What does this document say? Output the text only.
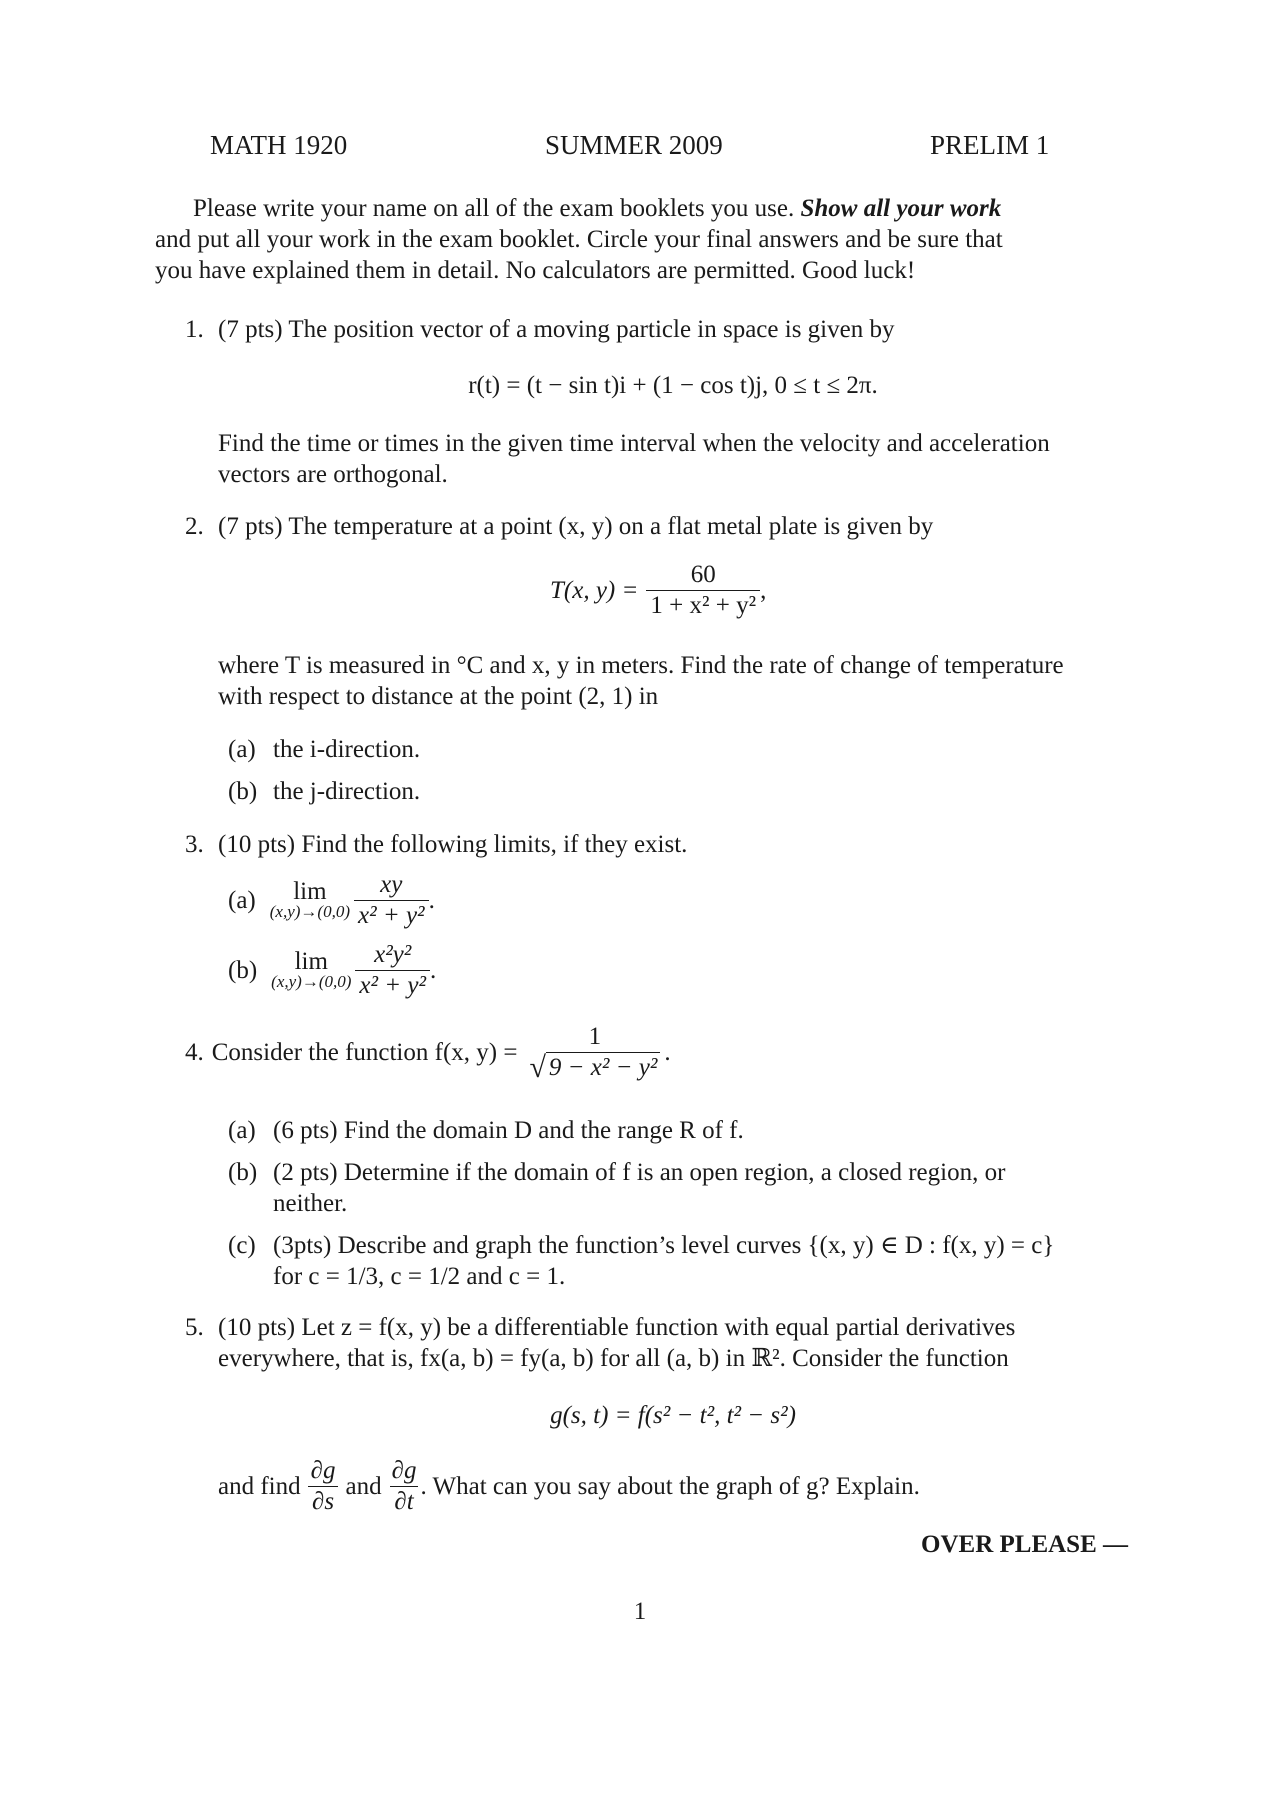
MATH 1920	SUMMER 2009	PRELIM 1
Please write your name on all of the exam booklets you use. Show all your work
and put all your work in the exam booklet. Circle your final answers and be sure that
you have explained them in detail. No calculators are permitted. Good luck!
1. (7 pts) The position vector of a moving particle in space is given by
r(t) = (t − sin t)i + (1 − cos t)j, 0 ≤ t ≤ 2π.
Find the time or times in the given time interval when the velocity and acceleration
vectors are orthogonal.
2. (7 pts) The temperature at a point (x, y) on a flat metal plate is given by
T(x, $y) = \frac{60}{\text{1 + x² + y²}}$ ,
where T is measured in °C and x, y in meters. Find the rate of change of temperature
with respect to distance at the point (2, 1) in
(a) the i-direction.
(b) the j-direction.
3. (10 pts) Find the following limits, if they exist.
(a) lim
$(x,y)\to(0,0) \frac{xy}{\text{x² + y²}}$ .
(b) lim
$(x,y)\to(0,0) \frac{\text{x²y²}}{\text{x² + y²}}$ .
4. Consider the function f(x, y) =
1
√ 9 − x² − y²
.
(a) (6 pts) Find the domain D and the range R of f.
(b) (2 pts) Determine if the domain of f is an open region, a closed region, or
neither.
(c) (3pts) Describe and graph the function’s level curves {(x, y) ∈ D : f(x, y) = c}
for c = 1/3, c = 1/2 and c = 1.
5. (10 pts) Let z = f(x, y) be a differentiable function with equal partial derivatives
everywhere, that is, fx(a, b) = fy(a, b) for all (a, b) in ℝ². Consider the function
g(s, t) = f(s² − t², t² − s²)
and find $\frac{\partial g}{\partial s}$ and $\frac{\partial g}{\partial t}$ . What can you say about the graph of g? Explain.
OVER PLEASE —
1
